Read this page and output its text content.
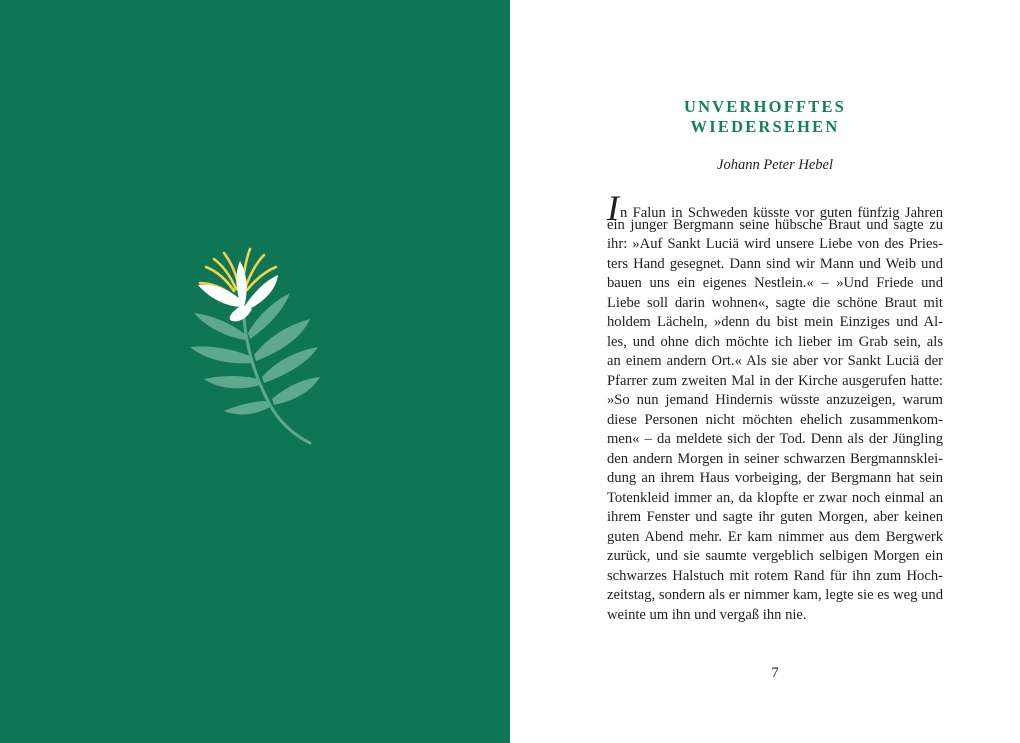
UNVERHOFFTES
WIEDERSEHEN
Johann Peter Hebel
In Falun in Schweden küsste vor guten fünfzig Jahren
ein junger Bergmann seine hübsche Braut und sagte zu
ihr: »Auf Sankt Luciä wird unsere Liebe von des Pries-
ters Hand gesegnet. Dann sind wir Mann und Weib und
bauen uns ein eigenes Nestlein.« – »Und Friede und
Liebe soll darin wohnen«, sagte die schöne Braut mit
holdem Lächeln, »denn du bist mein Einziges und Al-
les, und ohne dich möchte ich lieber im Grab sein, als
an einem andern Ort.« Als sie aber vor Sankt Luciä der
Pfarrer zum zweiten Mal in der Kirche ausgerufen hatte:
»So nun jemand Hindernis wüsste anzuzeigen, warum
diese Personen nicht möchten ehelich zusammenkom-
men« – da meldete sich der Tod. Denn als der Jüngling
den andern Morgen in seiner schwarzen Bergmannsklei-
dung an ihrem Haus vorbeiging, der Bergmann hat sein
Totenkleid immer an, da klopfte er zwar noch einmal an
ihrem Fenster und sagte ihr guten Morgen, aber keinen
guten Abend mehr. Er kam nimmer aus dem Bergwerk
zurück, und sie saumte vergeblich selbigen Morgen ein
schwarzes Halstuch mit rotem Rand für ihn zum Hoch-
zeitstag, sondern als er nimmer kam, legte sie es weg und
weinte um ihn und vergaß ihn nie.
7
